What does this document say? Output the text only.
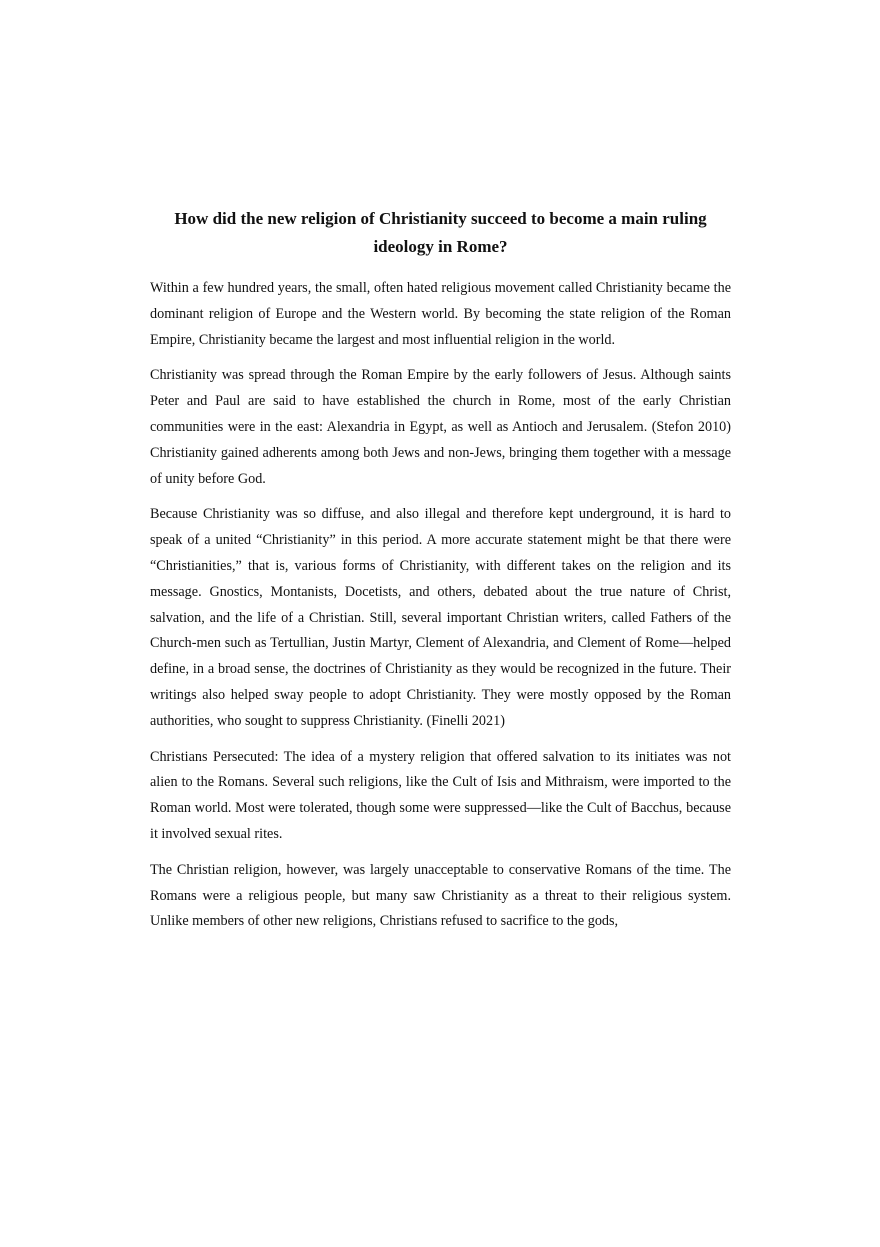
How did the new religion of Christianity succeed to become a main ruling ideology in Rome?

Within a few hundred years, the small, often hated religious movement called Christianity became the dominant religion of Europe and the Western world. By becoming the state religion of the Roman Empire, Christianity became the largest and most influential religion in the world.

Christianity was spread through the Roman Empire by the early followers of Jesus. Although saints Peter and Paul are said to have established the church in Rome, most of the early Christian communities were in the east: Alexandria in Egypt, as well as Antioch and Jerusalem. (Stefon 2010) Christianity gained adherents among both Jews and non-Jews, bringing them together with a message of unity before God.

Because Christianity was so diffuse, and also illegal and therefore kept underground, it is hard to speak of a united “Christianity” in this period. A more accurate statement might be that there were “Christianities,” that is, various forms of Christianity, with different takes on the religion and its message. Gnostics, Montanists, Docetists, and others, debated about the true nature of Christ, salvation, and the life of a Christian. Still, several important Christian writers, called Fathers of the Church-men such as Tertullian, Justin Martyr, Clement of Alexandria, and Clement of Rome—helped define, in a broad sense, the doctrines of Christianity as they would be recognized in the future. Their writings also helped sway people to adopt Christianity. They were mostly opposed by the Roman authorities, who sought to suppress Christianity. (Finelli 2021)

Christians Persecuted: The idea of a mystery religion that offered salvation to its initiates was not alien to the Romans. Several such religions, like the Cult of Isis and Mithraism, were imported to the Roman world. Most were tolerated, though some were suppressed—like the Cult of Bacchus, because it involved sexual rites.

The Christian religion, however, was largely unacceptable to conservative Romans of the time. The Romans were a religious people, but many saw Christianity as a threat to their religious system. Unlike members of other new religions, Christians refused to sacrifice to the gods,
